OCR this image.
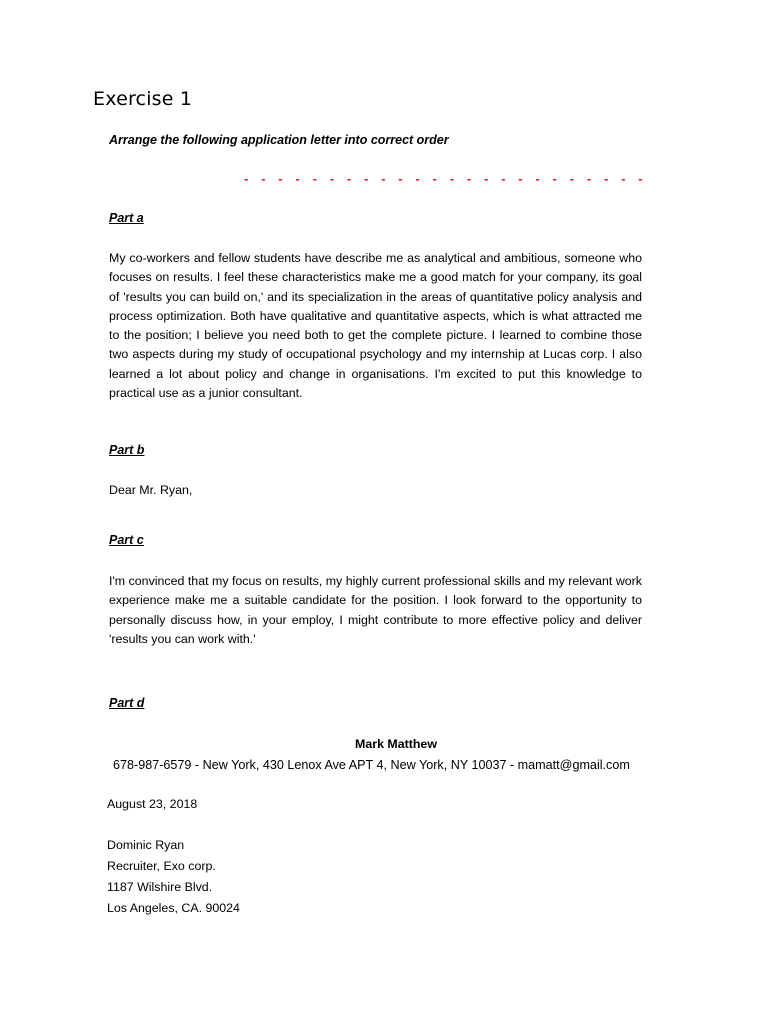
Exercise 1
Arrange the following application letter into correct order
- - - - - - - - - - - - - - - - - - - - - - - -
Part a
My co-workers and fellow students have describe me as analytical and ambitious, someone who focuses on results. I feel these characteristics make me a good match for your company, its goal of 'results you can build on,' and its specialization in the areas of quantitative policy analysis and process optimization. Both have qualitative and quantitative aspects, which is what attracted me to the position; I believe you need both to get the complete picture. I learned to combine those two aspects during my study of occupational psychology and my internship at Lucas corp. I also learned a lot about policy and change in organisations. I'm excited to put this knowledge to practical use as a junior consultant.
Part b
Dear Mr. Ryan,
Part c
I'm convinced that my focus on results, my highly current professional skills and my relevant work experience make me a suitable candidate for the position. I look forward to the opportunity to personally discuss how, in your employ, I might contribute to more effective policy and deliver 'results you can work with.'
Part d
Mark Matthew
678-987-6579 - New York, 430 Lenox Ave APT 4, New York, NY 10037 - mamatt@gmail.com
August 23, 2018
Dominic Ryan
Recruiter, Exo corp.
1187 Wilshire Blvd.
Los Angeles, CA. 90024
